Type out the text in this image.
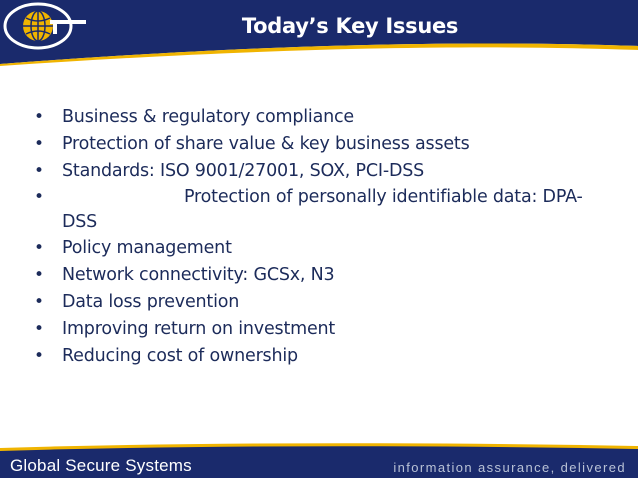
Today’s Key Issues
• Business & regulatory compliance
• Protection of share value & key business assets
• Standards: ISO 9001/27001, SOX, PCI-DSS
•	Protection of personally identifiable data: DPA-DSS
• Policy management
• Network connectivity: GCSx, N3
• Data loss prevention
• Improving return on investment
• Reducing cost of ownership
Global Secure Systems	information assurance, delivered
